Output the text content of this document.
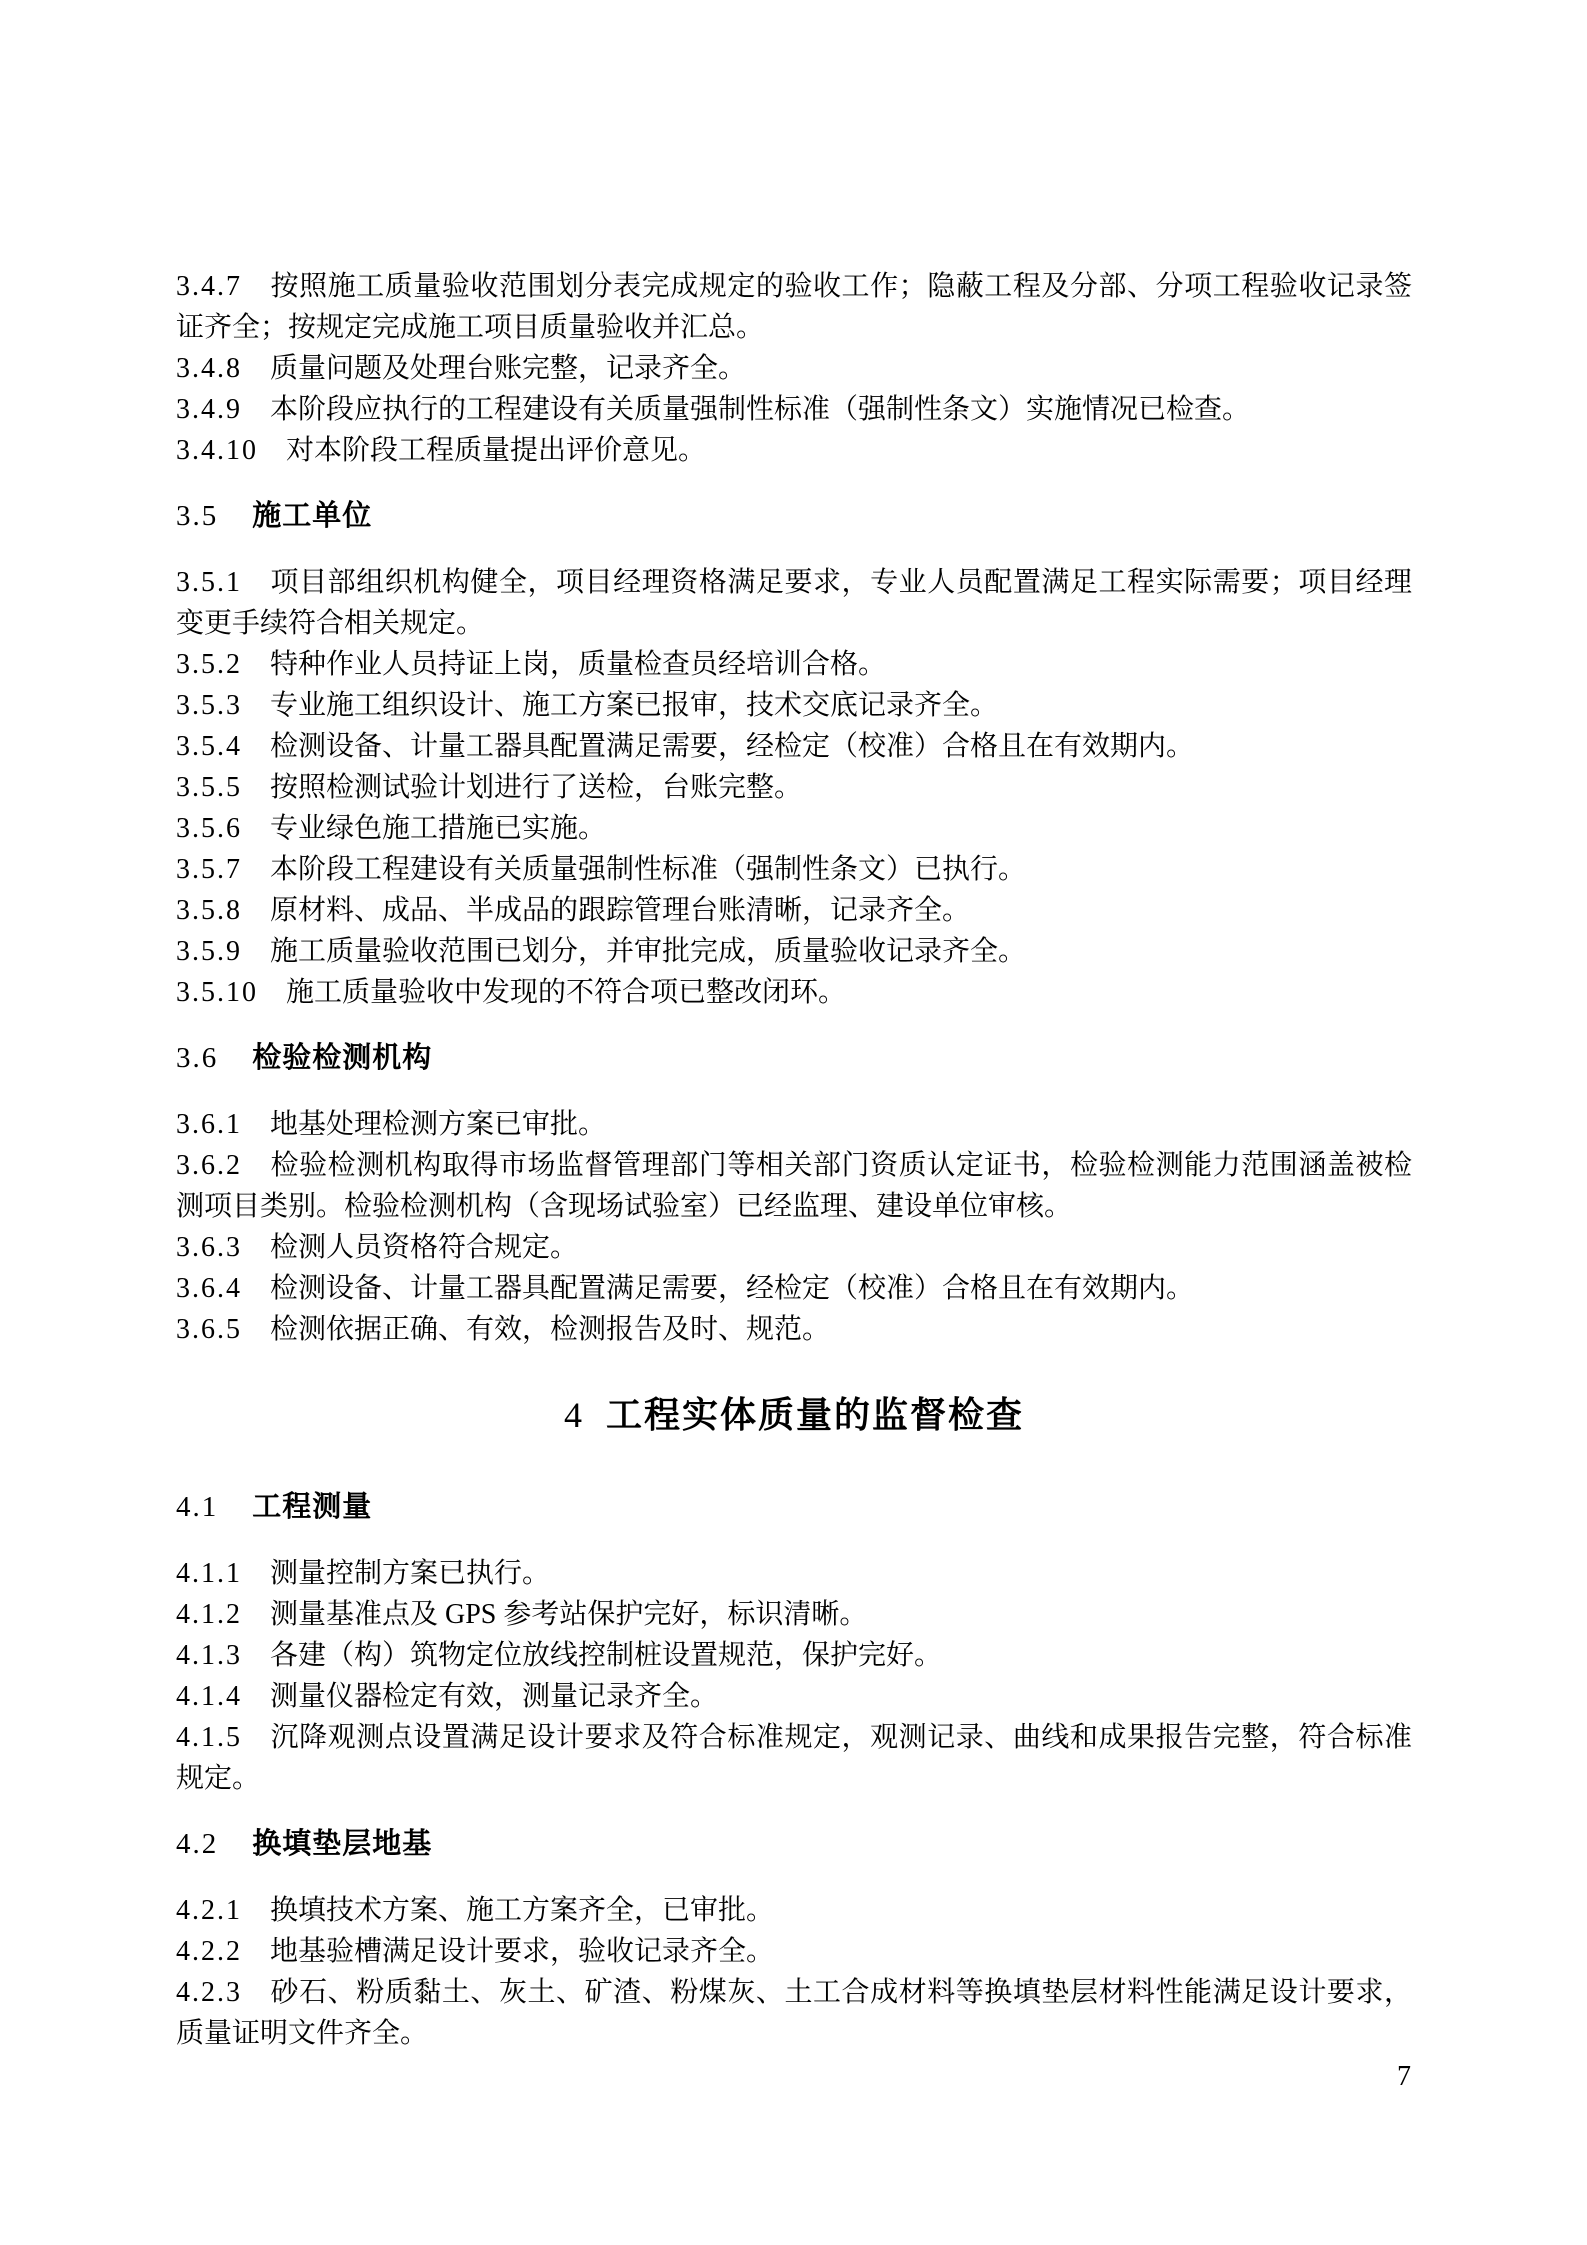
3.4.7 按照施工质量验收范围划分表完成规定的验收工作；隐蔽工程及分部、分项工程验收记录签证齐全；按规定完成施工项目质量验收并汇总。

3.4.8 质量问题及处理台账完整，记录齐全。

3.4.9 本阶段应执行的工程建设有关质量强制性标准（强制性条文）实施情况已检查。

3.4.10 对本阶段工程质量提出评价意见。

3.5 施工单位

3.5.1 项目部组织机构健全，项目经理资格满足要求，专业人员配置满足工程实际需要；项目经理变更手续符合相关规定。

3.5.2 特种作业人员持证上岗，质量检查员经培训合格。

3.5.3 专业施工组织设计、施工方案已报审，技术交底记录齐全。

3.5.4 检测设备、计量工器具配置满足需要，经检定（校准）合格且在有效期内。

3.5.5 按照检测试验计划进行了送检，台账完整。

3.5.6 专业绿色施工措施已实施。

3.5.7 本阶段工程建设有关质量强制性标准（强制性条文）已执行。

3.5.8 原材料、成品、半成品的跟踪管理台账清晰，记录齐全。

3.5.9 施工质量验收范围已划分，并审批完成，质量验收记录齐全。

3.5.10 施工质量验收中发现的不符合项已整改闭环。

3.6 检验检测机构

3.6.1 地基处理检测方案已审批。

3.6.2 检验检测机构取得市场监督管理部门等相关部门资质认定证书，检验检测能力范围涵盖被检测项目类别。检验检测机构（含现场试验室）已经监理、建设单位审核。

3.6.3 检测人员资格符合规定。

3.6.4 检测设备、计量工器具配置满足需要，经检定（校准）合格且在有效期内。

3.6.5 检测依据正确、有效，检测报告及时、规范。

4 工程实体质量的监督检查
4.1 工程测量

4.1.1 测量控制方案已执行。

4.1.2 测量基准点及 GPS 参考站保护完好，标识清晰。

4.1.3 各建（构）筑物定位放线控制桩设置规范，保护完好。

4.1.4 测量仪器检定有效，测量记录齐全。

4.1.5 沉降观测点设置满足设计要求及符合标准规定，观测记录、曲线和成果报告完整，符合标准规定。

4.2 换填垫层地基

4.2.1 换填技术方案、施工方案齐全，已审批。

4.2.2 地基验槽满足设计要求，验收记录齐全。

4.2.3 砂石、粉质黏土、灰土、矿渣、粉煤灰、土工合成材料等换填垫层材料性能满足设计要求，质量证明文件齐全。

7
